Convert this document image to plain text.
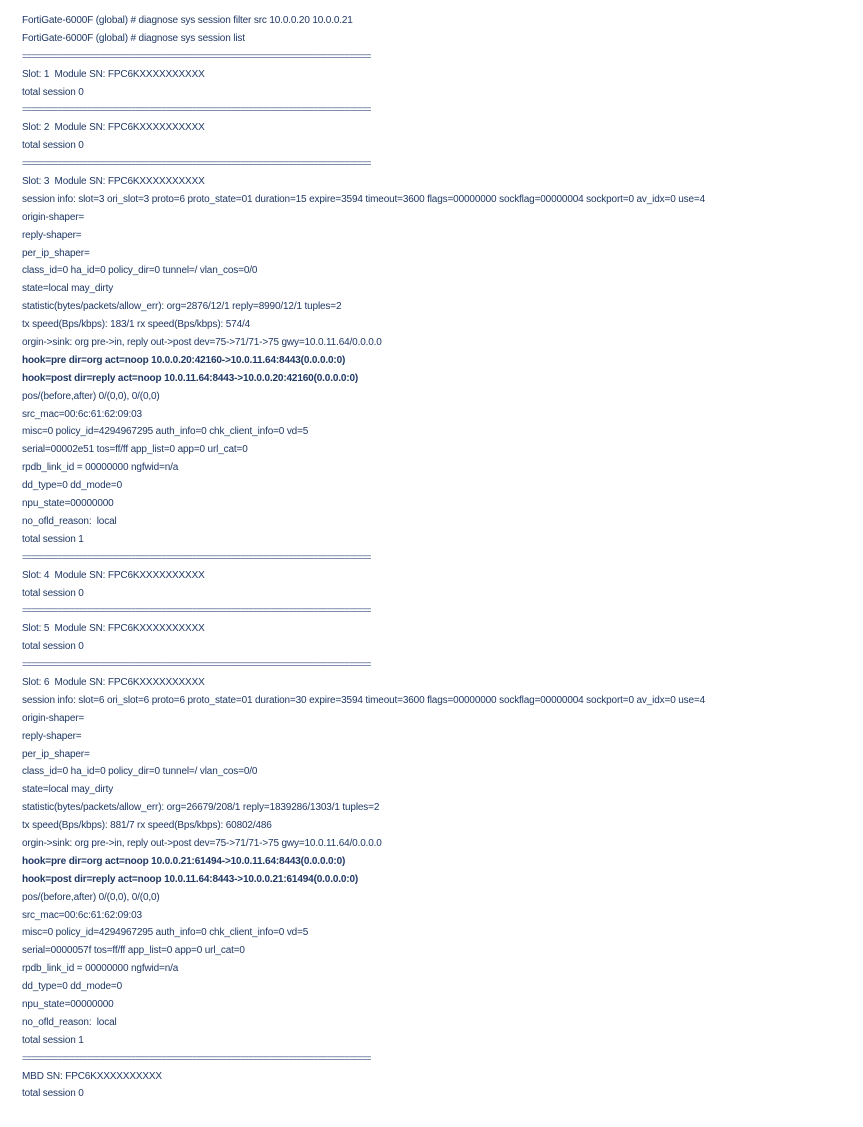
FortiGate-6000F (global) # diagnose sys session filter src 10.0.0.20 10.0.0.21
FortiGate-6000F (global) # diagnose sys session list
================================================================================
Slot: 1  Module SN: FPC6KXXXXXXXXXX
total session 0
================================================================================
Slot: 2  Module SN: FPC6KXXXXXXXXXX
total session 0
================================================================================
Slot: 3  Module SN: FPC6KXXXXXXXXXX
session info: slot=3 ori_slot=3 proto=6 proto_state=01 duration=15 expire=3594 timeout=3600 flags=00000000 sockflag=00000004 sockport=0 av_idx=0 use=4
origin-shaper=
reply-shaper=
per_ip_shaper=
class_id=0 ha_id=0 policy_dir=0 tunnel=/ vlan_cos=0/0
state=local may_dirty
statistic(bytes/packets/allow_err): org=2876/12/1 reply=8990/12/1 tuples=2
tx speed(Bps/kbps): 183/1 rx speed(Bps/kbps): 574/4
orgin->sink: org pre->in, reply out->post dev=75->71/71->75 gwy=10.0.11.64/0.0.0.0
hook=pre dir=org act=noop 10.0.0.20:42160->10.0.11.64:8443(0.0.0.0:0)
hook=post dir=reply act=noop 10.0.11.64:8443->10.0.0.20:42160(0.0.0.0:0)
pos/(before,after) 0/(0,0), 0/(0,0)
src_mac=00:6c:61:62:09:03
misc=0 policy_id=4294967295 auth_info=0 chk_client_info=0 vd=5
serial=00002e51 tos=ff/ff app_list=0 app=0 url_cat=0
rpdb_link_id = 00000000 ngfwid=n/a
dd_type=0 dd_mode=0
npu_state=00000000
no_ofld_reason:  local
total session 1
================================================================================
Slot: 4  Module SN: FPC6KXXXXXXXXXX
total session 0
================================================================================
Slot: 5  Module SN: FPC6KXXXXXXXXXX
total session 0
================================================================================
Slot: 6  Module SN: FPC6KXXXXXXXXXX
session info: slot=6 ori_slot=6 proto=6 proto_state=01 duration=30 expire=3594 timeout=3600 flags=00000000 sockflag=00000004 sockport=0 av_idx=0 use=4
origin-shaper=
reply-shaper=
per_ip_shaper=
class_id=0 ha_id=0 policy_dir=0 tunnel=/ vlan_cos=0/0
state=local may_dirty
statistic(bytes/packets/allow_err): org=26679/208/1 reply=1839286/1303/1 tuples=2
tx speed(Bps/kbps): 881/7 rx speed(Bps/kbps): 60802/486
orgin->sink: org pre->in, reply out->post dev=75->71/71->75 gwy=10.0.11.64/0.0.0.0
hook=pre dir=org act=noop 10.0.0.21:61494->10.0.11.64:8443(0.0.0.0:0)
hook=post dir=reply act=noop 10.0.11.64:8443->10.0.0.21:61494(0.0.0.0:0)
pos/(before,after) 0/(0,0), 0/(0,0)
src_mac=00:6c:61:62:09:03
misc=0 policy_id=4294967295 auth_info=0 chk_client_info=0 vd=5
serial=0000057f tos=ff/ff app_list=0 app=0 url_cat=0
rpdb_link_id = 00000000 ngfwid=n/a
dd_type=0 dd_mode=0
npu_state=00000000
no_ofld_reason:  local
total session 1
================================================================================
MBD SN: FPC6KXXXXXXXXXX
total session 0
